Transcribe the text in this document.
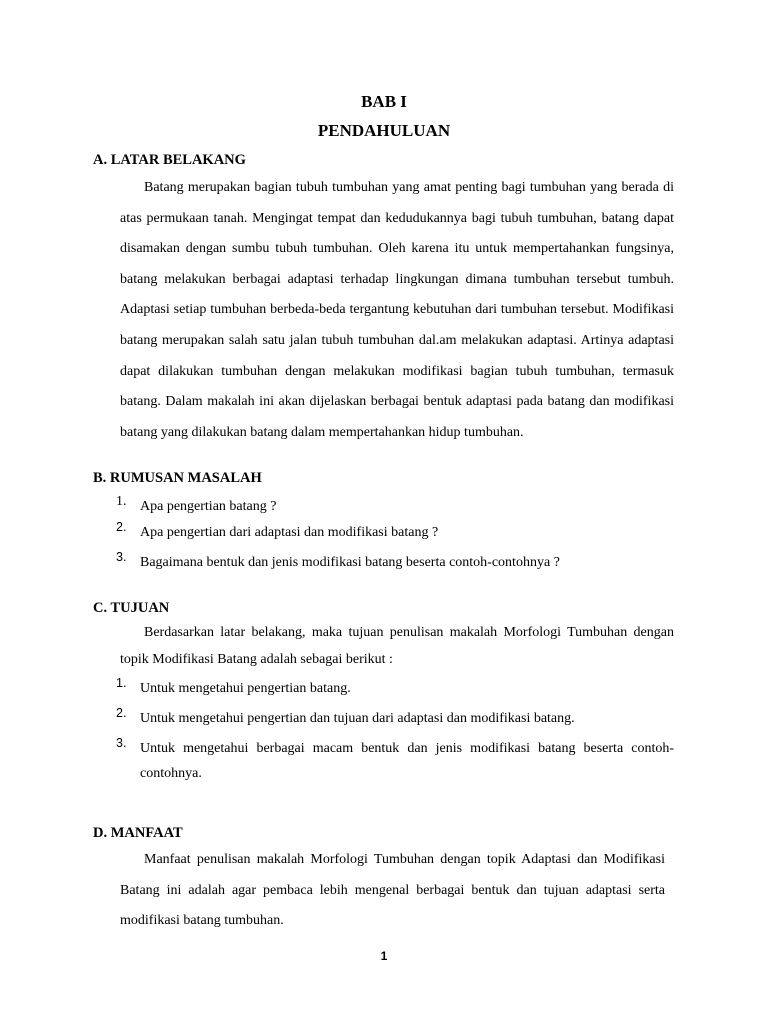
BAB I
PENDAHULUAN
A. LATAR BELAKANG

Batang merupakan bagian tubuh tumbuhan yang amat penting bagi tumbuhan yang berada di atas permukaan tanah. Mengingat tempat dan kedudukannya bagi tubuh tumbuhan, batang dapat disamakan dengan sumbu tubuh tumbuhan. Oleh karena itu untuk mempertahankan fungsinya, batang melakukan berbagai adaptasi terhadap lingkungan dimana tumbuhan tersebut tumbuh. Adaptasi setiap tumbuhan berbeda-beda tergantung kebutuhan dari tumbuhan tersebut. Modifikasi batang merupakan salah satu jalan tubuh tumbuhan dal.am melakukan adaptasi. Artinya adaptasi dapat dilakukan tumbuhan dengan melakukan modifikasi bagian tubuh tumbuhan, termasuk batang. Dalam makalah ini akan dijelaskan berbagai bentuk adaptasi pada batang dan modifikasi batang yang dilakukan batang dalam mempertahankan hidup tumbuhan.

B. RUMUSAN MASALAH
1. Apa pengertian batang ?
2. Apa pengertian dari adaptasi dan modifikasi batang ?
3. Bagaimana bentuk dan jenis modifikasi batang beserta contoh-contohnya ?
C. TUJUAN

Berdasarkan latar belakang, maka tujuan penulisan makalah Morfologi Tumbuhan dengan topik Modifikasi Batang adalah sebagai berikut :

1. Untuk mengetahui pengertian batang.
2. Untuk mengetahui pengertian dan tujuan dari adaptasi dan modifikasi batang.
3. Untuk mengetahui berbagai macam bentuk dan jenis modifikasi batang beserta contoh-contohnya.
D. MANFAAT

Manfaat penulisan makalah Morfologi Tumbuhan dengan topik Adaptasi dan Modifikasi Batang ini adalah agar pembaca lebih mengenal berbagai bentuk dan tujuan adaptasi serta modifikasi batang tumbuhan.

1
